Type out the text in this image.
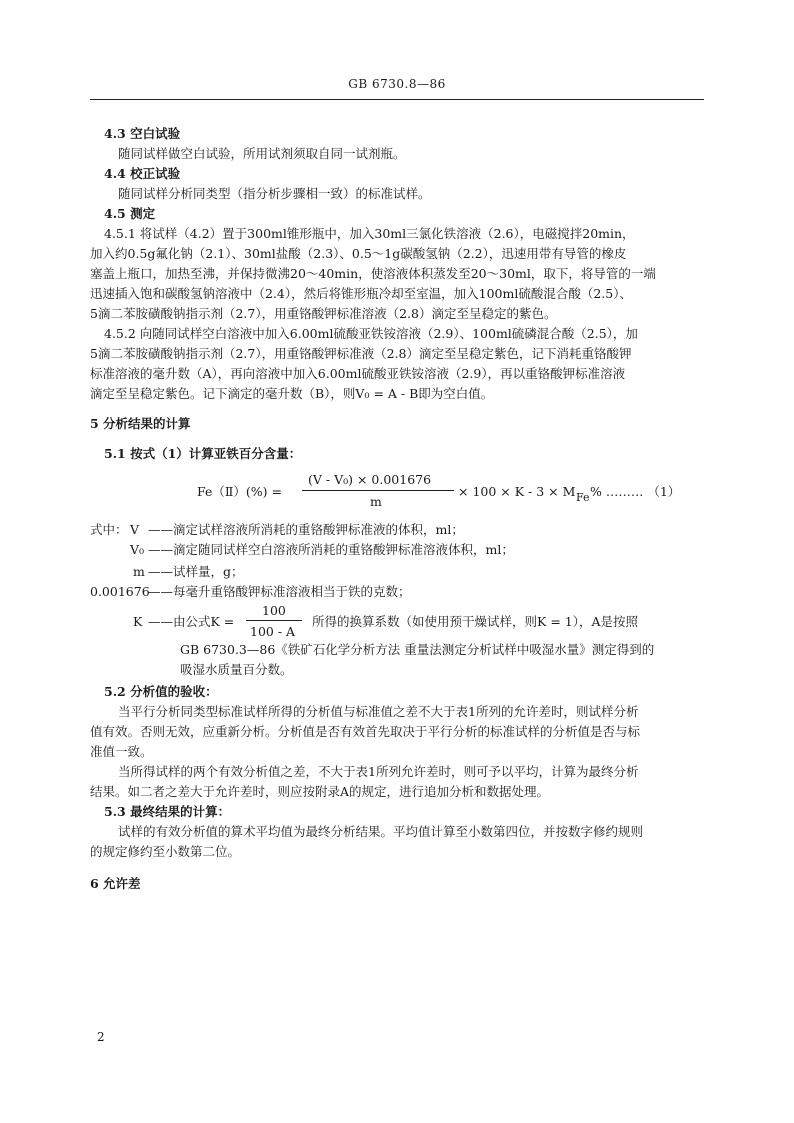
GB 6730.8—86
4.3 空白试验
随同试样做空白试验，所用试剂须取自同一试剂瓶。
4.4 校正试验
随同试样分析同类型（指分析步骤相一致）的标准试样。
4.5 测定
4.5.1 将试样（4.2）置于300ml锥形瓶中，加入30ml三氯化铁溶液（2.6），电磁搅拌20min，
加入约0.5g氟化钠（2.1）、30ml盐酸（2.3）、0.5～1g碳酸氢钠（2.2），迅速用带有导管的橡皮
塞盖上瓶口，加热至沸，并保持微沸20～40min，使溶液体积蒸发至20～30ml，取下，将导管的一端
迅速插入饱和碳酸氢钠溶液中（2.4），然后将锥形瓶冷却至室温，加入100ml硫酸混合酸（2.5）、
5滴二苯胺磺酸钠指示剂（2.7），用重铬酸钾标准溶液（2.8）滴定至呈稳定的紫色。
4.5.2 向随同试样空白溶液中加入6.00ml硫酸亚铁铵溶液（2.9）、100ml硫磷混合酸（2.5），加
5滴二苯胺磺酸钠指示剂（2.7），用重铬酸钾标准液（2.8）滴定至呈稳定紫色，记下消耗重铬酸钾
标准溶液的毫升数（A），再向溶液中加入6.00ml硫酸亚铁铵溶液（2.9），再以重铬酸钾标准溶液
滴定至呈稳定紫色。记下滴定的毫升数（B），则V₀ = A - B即为空白值。
5 分析结果的计算
5.1 按式（1）计算亚铁百分含量：
Fe（Ⅱ）(%) =
(V - V₀) × 0.001676
m
× 100 × K - 3 × M Fe % ……… （1）
式中： V ——滴定试样溶液所消耗的重铬酸钾标准液的体积，ml；
V₀ ——滴定随同试样空白溶液所消耗的重铬酸钾标准溶液体积，ml；
m ——试样量，g；
0.001676
——每毫升重铬酸钾标准溶液相当于铁的克数；
K ——由公式K =
100
100 - A
所得的换算系数（如使用预干燥试样，则K = 1），A是按照
GB 6730.3—86《铁矿石化学分析方法 重量法测定分析试样中吸湿水量》测定得到的
吸湿水质量百分数。
5.2 分析值的验收：
当平行分析同类型标准试样所得的分析值与标准值之差不大于表1所列的允许差时，则试样分析
值有效。否则无效，应重新分析。分析值是否有效首先取决于平行分析的标准试样的分析值是否与标
准值一致。
当所得试样的两个有效分析值之差，不大于表1所列允许差时，则可予以平均，计算为最终分析
结果。如二者之差大于允许差时，则应按附录A的规定，进行追加分析和数据处理。
5.3 最终结果的计算：
试样的有效分析值的算术平均值为最终分析结果。平均值计算至小数第四位，并按数字修约规则
的规定修约至小数第二位。
6 允许差
2
